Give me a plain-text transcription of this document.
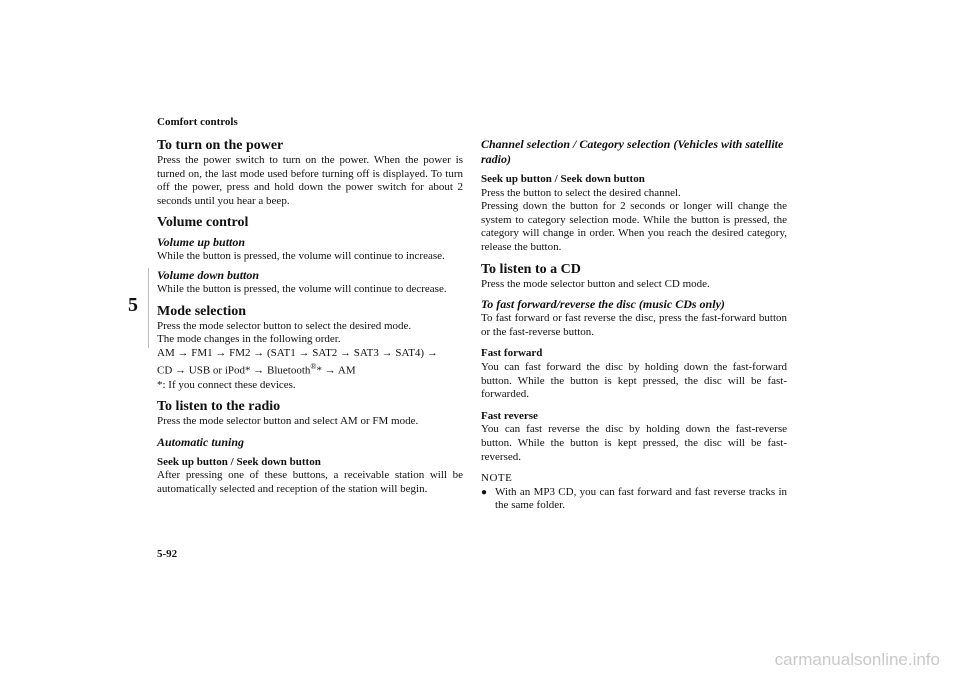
Comfort controls
5
To turn on the power

Press the power switch to turn on the power. When the power is turned on, the last mode used before turning off is displayed. To turn off the power, press and hold down the power switch for about 2 seconds until you hear a beep.

Volume control
Volume up button

While the button is pressed, the volume will continue to increase.

Volume down button

While the button is pressed, the volume will continue to decrease.

Mode selection

Press the mode selector button to select the desired mode.

The mode changes in the following order.

AM → FM1 → FM2 → (SAT1 → SAT2 → SAT3 → SAT4) →

CD → USB or iPod* → Bluetooth®* → AM

*: If you connect these devices.

To listen to the radio

Press the mode selector button and select AM or FM mode.

Automatic tuning
Seek up button / Seek down button

After pressing one of these buttons, a receivable station will be automatically selected and reception of the station will begin.

Channel selection / Category selection (Vehicles with satellite radio)
Seek up button / Seek down button

Press the button to select the desired channel.

Pressing down the button for 2 seconds or longer will change the system to category selection mode. While the button is pressed, the category will change in order. When you reach the desired category, release the button.

To listen to a CD

Press the mode selector button and select CD mode.

To fast forward/reverse the disc (music CDs only)

To fast forward or fast reverse the disc, press the fast-forward button or the fast-reverse button.

Fast forward

You can fast forward the disc by holding down the fast-forward button. While the button is kept pressed, the disc will be fast-forwarded.

Fast reverse

You can fast reverse the disc by holding down the fast-reverse button. While the button is kept pressed, the disc will be fast-reversed.

NOTE
● With an MP3 CD, you can fast forward and fast reverse tracks in the same folder.
5-92
carmanualsonline.info
